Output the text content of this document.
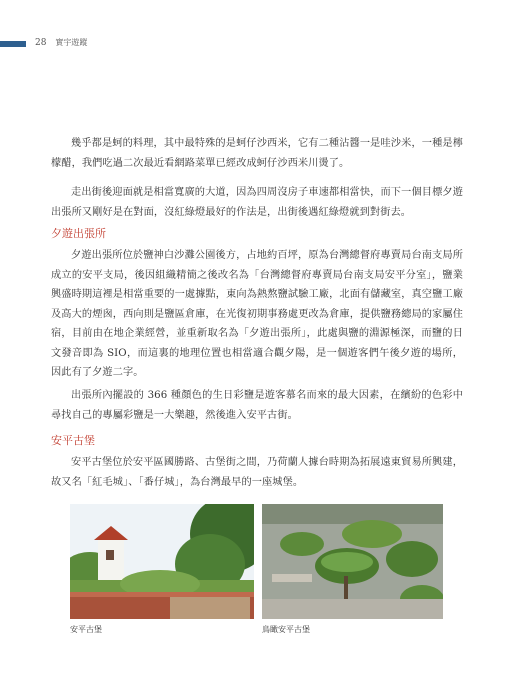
28 實宇遊蹤

幾乎都是蚵的料理，其中最特殊的是蚵仔沙西米，它有二種沾醬一是哇沙米，一種是檸檬醋，我們吃過二次最近看網路菜單已經改成蚵仔沙西米川燙了。

走出街後迎面就是相當寬廣的大道，因為四周沒房子車速都相當快，而下一個目標夕遊出張所又剛好是在對面，沒紅綠燈最好的作法是，出街後遇紅綠燈就到對街去。

夕遊出張所

夕遊出張所位於鹽神白沙灘公園後方，占地約百坪，原為台灣總督府專賣局台南支局所成立的安平支局，後因組織精簡之後改名為「台灣總督府專賣局台南支局安平分室」，鹽業興盛時期這裡是相當重要的一處據點，東向為熱熬鹽試驗工廠，北面有儲藏室，真空鹽工廠及高大的煙囪，西向則是鹽區倉庫，在光復初期事務處更改為倉庫，提供鹽務總局的家屬住宿，目前由在地企業經營，並重新取名為「夕遊出張所」，此處與鹽的淵源極深，而鹽的日文發音即為 SIO，而這裏的地理位置也相當適合觀夕陽，是一個遊客們午後夕遊的場所，因此有了夕遊二字。

出張所內擺設的 366 種顏色的生日彩鹽是遊客慕名而來的最大因素，在繽紛的色彩中尋找自己的專屬彩鹽是一大樂趣，然後進入安平古街。

安平古堡

安平古堡位於安平區國勝路、古堡街之間，乃荷蘭人據台時期為拓展遠東貿易所興建，故又名「紅毛城」、「番仔城」，為台灣最早的一座城堡。

安平古堡	鳥瞰安平古堡
